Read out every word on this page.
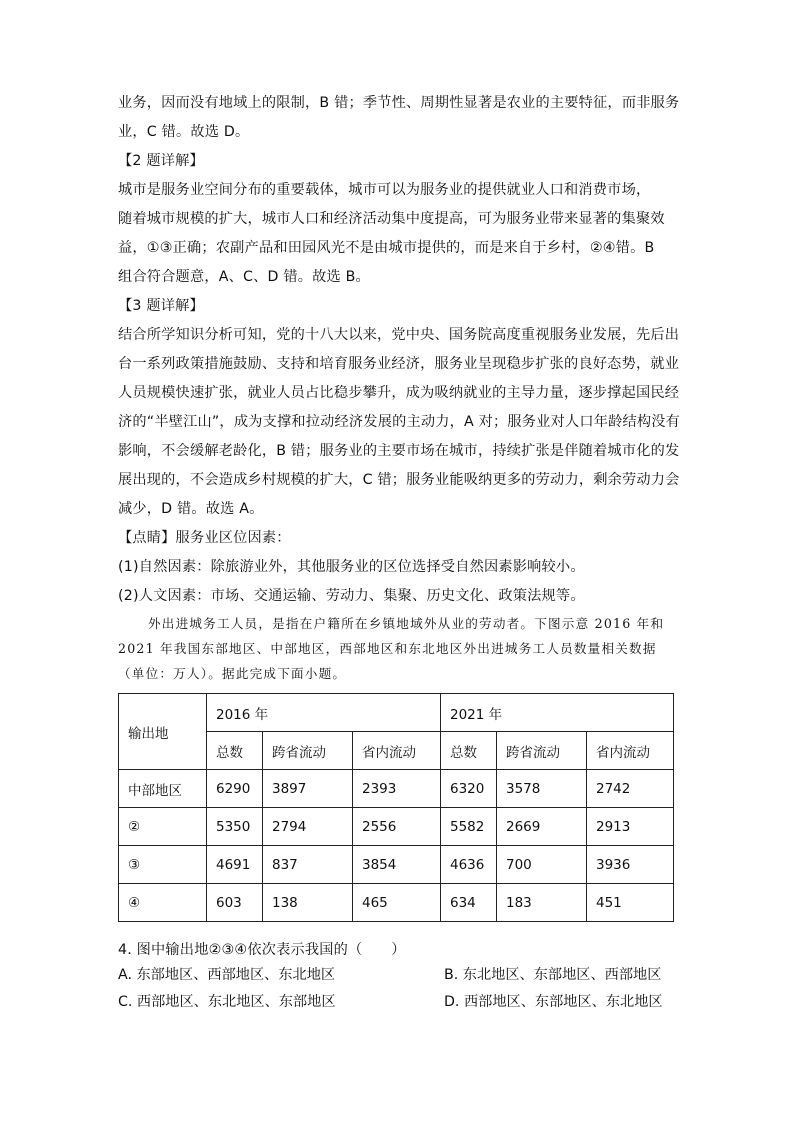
业务，因而没有地域上的限制，B 错；季节性、周期性显著是农业的主要特征，而非服务
业，C 错。故选 D。
【2 题详解】
城市是服务业空间分布的重要载体，城市可以为服务业的提供就业人口和消费市场，
随着城市规模的扩大，城市人口和经济活动集中度提高，可为服务业带来显著的集聚效
益，①③正确；农副产品和田园风光不是由城市提供的，而是来自于乡村，②④错。B
组合符合题意，A、C、D 错。故选 B。
【3 题详解】
结合所学知识分析可知，党的十八大以来，党中央、国务院高度重视服务业发展，先后出
台一系列政策措施鼓励、支持和培育服务业经济，服务业呈现稳步扩张的良好态势，就业
人员规模快速扩张，就业人员占比稳步攀升，成为吸纳就业的主导力量，逐步撑起国民经
济的“半壁江山”，成为支撑和拉动经济发展的主动力，A 对；服务业对人口年龄结构没有
影响，不会缓解老龄化，B 错；服务业的主要市场在城市，持续扩张是伴随着城市化的发
展出现的，不会造成乡村规模的扩大，C 错；服务业能吸纳更多的劳动力，剩余劳动力会
减少，D 错。故选 A。
【点睛】服务业区位因素：
(1)自然因素：除旅游业外，其他服务业的区位选择受自然因素影响较小。
(2)人文因素：市场、交通运输、劳动力、集聚、历史文化、政策法规等。
外出进城务工人员，是指在户籍所在乡镇地域外从业的劳动者。下图示意 2016 年和
2021 年我国东部地区、中部地区，西部地区和东北地区外出进城务工人员数量相关数据
输出地	2016 年			2021 年		
	总数	跨省流动	省内流动	总数	跨省流动	省内流动
中部地区	6290	3897	2393	6320	3578	2742
②	5350	2794	2556	5582	2669	2913
③	4691	837	3854	4636	700	3936
④	603	138	465	634	183	451
4. 图中输出地②③④依次表示我国的（　　）
A. 东部地区、西部地区、东北地区	B. 东北地区、东部地区、西部地区
C. 西部地区、东北地区、东部地区	D. 西部地区、东部地区、东北地区
（单位：万人）。据此完成下面小题。
